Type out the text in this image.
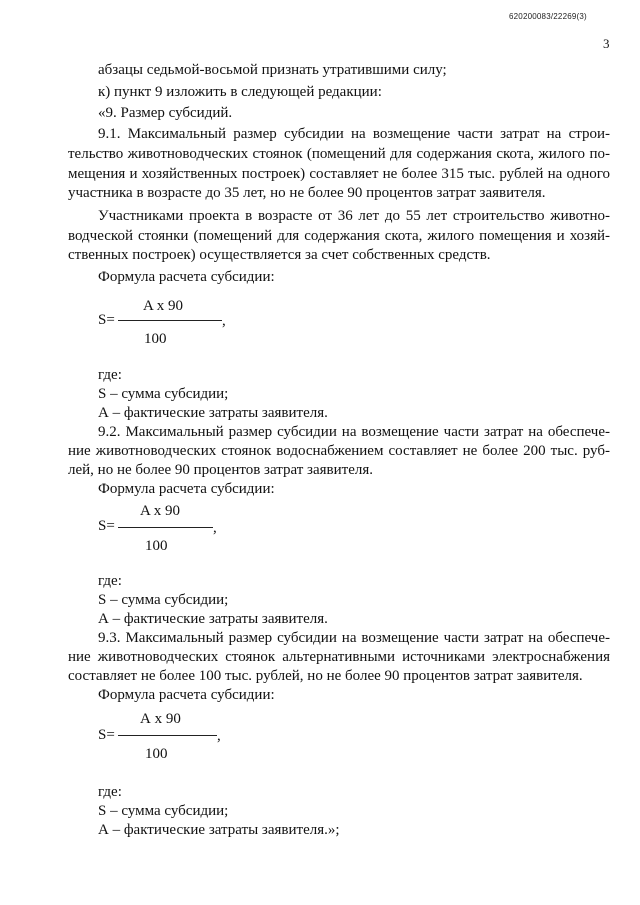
620200083/22269(3)
3
абзацы седьмой-восьмой признать утратившими силу;
к) пункт 9 изложить в следующей редакции:
«9. Размер субсидий.
9.1. Максимальный размер субсидии на возмещение части затрат на строи-
тельство животноводческих стоянок (помещений для содержания скота, жилого по-
мещения и хозяйственных построек) составляет не более 315 тыс. рублей на одного
участника в возрасте до 35 лет, но не более 90 процентов затрат заявителя.
Участниками проекта в возрасте от 36 лет до 55 лет строительство животно-
водческой стоянки (помещений для содержания скота, жилого помещения и хозяй-
ственных построек) осуществляется за счет собственных средств.
Формула расчета субсидии:
A x 90
S=	,
100
где:
S – сумма субсидии;
А – фактические затраты заявителя.
9.2. Максимальный размер субсидии на возмещение части затрат на обеспече-
ние животноводческих стоянок водоснабжением составляет не более 200 тыс. руб-
лей, но не более 90 процентов затрат заявителя.
Формула расчета субсидии:
A x 90
S=	,
100
где:
S – сумма субсидии;
А – фактические затраты заявителя.
9.3. Максимальный размер субсидии на возмещение части затрат на обеспече-
ние животноводческих стоянок альтернативными источниками электроснабжения
составляет не более 100 тыс. рублей, но не более 90 процентов затрат заявителя.
Формула расчета субсидии:
А х 90
S=	,
100
где:
S – сумма субсидии;
А – фактические затраты заявителя.»;
